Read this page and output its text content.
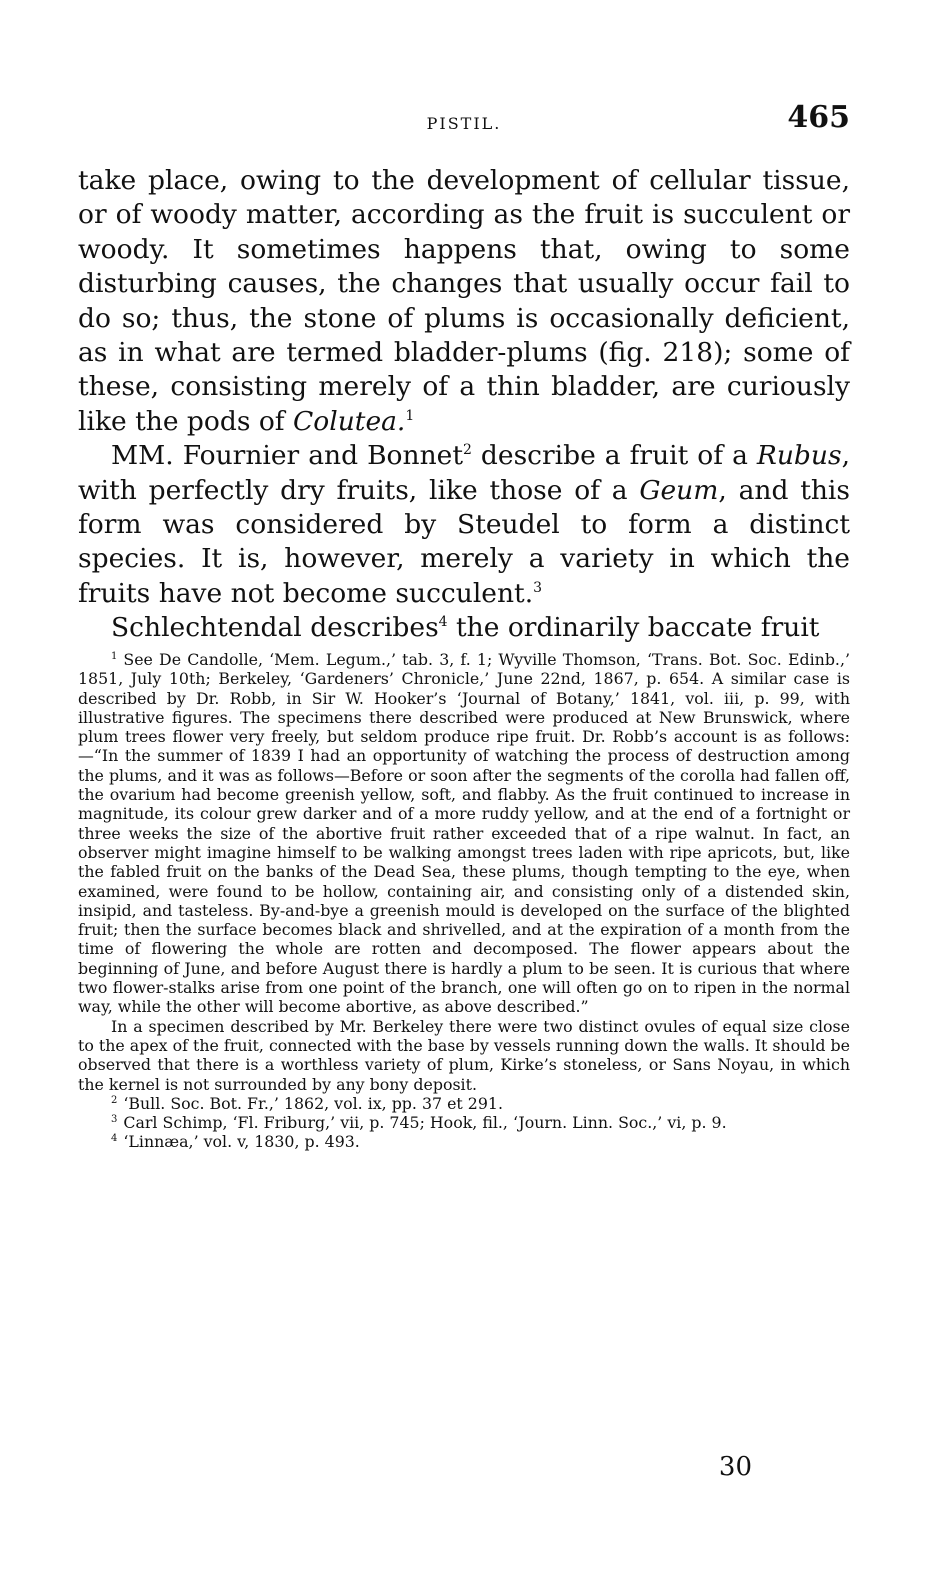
PISTIL.	465

take place, owing to the development of cellular tissue, or of woody matter, according as the fruit is succulent or woody. It sometimes happens that, owing to some disturbing causes, the changes that usually occur fail to do so; thus, the stone of plums is occasionally deficient, as in what are termed bladder-plums (fig. 218); some of these, consisting merely of a thin bladder, are curiously like the pods of Colutea.$^1$

MM. Fournier and Bonnet$^2$ describe a fruit of a Rubus, with perfectly dry fruits, like those of a Geum, and this form was considered by Steudel to form a distinct species. It is, however, merely a variety in which the fruits have not become succulent.$^3$

Schlechtendal describes$^4$ the ordinarily baccate fruit

$^1$ See De Candolle, ‘Mem. Legum.,’ tab. 3, f. 1; Wyville Thomson, ‘Trans. Bot. Soc. Edinb.,’ 1851, July 10th; Berkeley, ‘Gardeners’ Chronicle,’ June 22nd, 1867, p. 654. A similar case is described by Dr. Robb, in Sir W. Hooker’s ‘Journal of Botany,’ 1841, vol. iii, p. 99, with illustrative figures. The specimens there described were produced at New Brunswick, where plum trees flower very freely, but seldom produce ripe fruit. Dr. Robb’s account is as follows:—“In the summer of 1839 I had an opportunity of watching the process of destruction among the plums, and it was as follows—Before or soon after the segments of the corolla had fallen off, the ovarium had become greenish yellow, soft, and flabby. As the fruit continued to increase in magnitude, its colour grew darker and of a more ruddy yellow, and at the end of a fortnight or three weeks the size of the abortive fruit rather exceeded that of a ripe walnut. In fact, an observer might imagine himself to be walking amongst trees laden with ripe apricots, but, like the fabled fruit on the banks of the Dead Sea, these plums, though tempting to the eye, when examined, were found to be hollow, containing air, and consisting only of a distended skin, insipid, and tasteless. By-and-bye a greenish mould is developed on the surface of the blighted fruit; then the surface becomes black and shrivelled, and at the expiration of a month from the time of flowering the whole are rotten and decomposed. The flower appears about the beginning of June, and before August there is hardly a plum to be seen. It is curious that where two flower-stalks arise from one point of the branch, one will often go on to ripen in the normal way, while the other will become abortive, as above described.”

In a specimen described by Mr. Berkeley there were two distinct ovules of equal size close to the apex of the fruit, connected with the base by vessels running down the walls. It should be observed that there is a worthless variety of plum, Kirke’s stoneless, or Sans Noyau, in which the kernel is not surrounded by any bony deposit.

$^2$ ‘Bull. Soc. Bot. Fr.,’ 1862, vol. ix, pp. 37 et 291.

$^3$ Carl Schimp, ‘Fl. Friburg,’ vii, p. 745; Hook, fil., ‘Journ. Linn. Soc.,’ vi, p. 9.

$^4$ ‘Linnæa,’ vol. v, 1830, p. 493.

30
